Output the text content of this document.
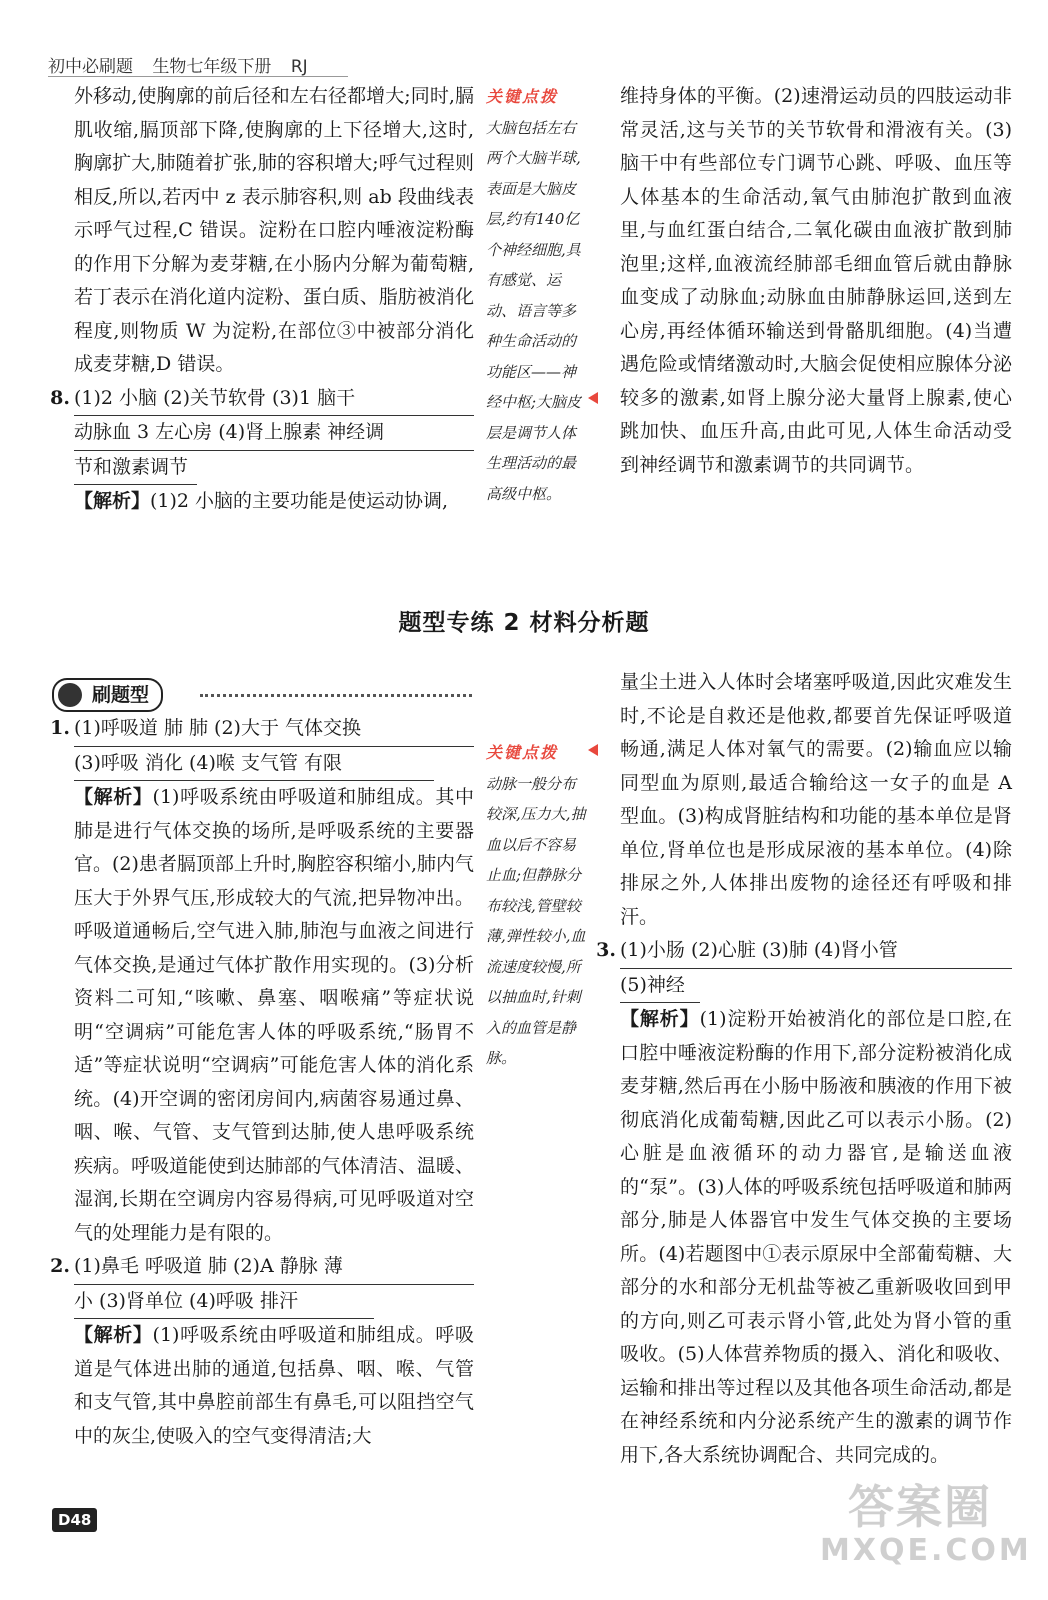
初中必刷题 生物七年级下册 RJ

外移动,使胸廓的前后径和左右径都增大;同时,膈肌收缩,膈顶部下降,使胸廓的上下径增大,这时,胸廓扩大,肺随着扩张,肺的容积增大;呼气过程则相反,所以,若丙中 z 表示肺容积,则 ab 段曲线表示呼气过程,C 错误。淀粉在口腔内唾液淀粉酶的作用下分解为麦芽糖,在小肠内分解为葡萄糖,若丁表示在消化道内淀粉、蛋白质、脂肪被消化程度,则物质 W 为淀粉,在部位③中被部分消化成麦芽糖,D 错误。

8. (1)2 小脑 (2)关节软骨 (3)1 脑干
动脉血 3 左心房 (4)肾上腺素 神经调
节和激素调节

【解析】(1)2 小脑的主要功能是使运动协调,

关键点拨
大脑包括左右两个大脑半球,表面是大脑皮层,约有140亿个神经细胞,具有感觉、运动、语言等多种生命活动的功能区——神经中枢;大脑皮层是调节人体生理活动的最高级中枢。

维持身体的平衡。(2)速滑运动员的四肢运动非常灵活,这与关节的关节软骨和滑液有关。(3)脑干中有些部位专门调节心跳、呼吸、血压等人体基本的生命活动,氧气由肺泡扩散到血液里,与血红蛋白结合,二氧化碳由血液扩散到肺泡里;这样,血液流经肺部毛细血管后就由静脉血变成了动脉血;动脉血由肺静脉运回,送到左心房,再经体循环输送到骨骼肌细胞。(4)当遭遇危险或情绪激动时,大脑会促使相应腺体分泌较多的激素,如肾上腺分泌大量肾上腺素,使心跳加快、血压升高,由此可见,人体生命活动受到神经调节和激素调节的共同调节。

题型专练 2 材料分析题
刷题型

1. (1)呼吸道 肺 肺 (2)大于 气体交换
(3)呼吸 消化 (4)喉 支气管 有限

【解析】(1)呼吸系统由呼吸道和肺组成。其中肺是进行气体交换的场所,是呼吸系统的主要器官。(2)患者膈顶部上升时,胸腔容积缩小,肺内气压大于外界气压,形成较大的气流,把异物冲出。呼吸道通畅后,空气进入肺,肺泡与血液之间进行气体交换,是通过气体扩散作用实现的。(3)分析资料二可知,“咳嗽、鼻塞、咽喉痛”等症状说明“空调病”可能危害人体的呼吸系统,“肠胃不适”等症状说明“空调病”可能危害人体的消化系统。(4)开空调的密闭房间内,病菌容易通过鼻、咽、喉、气管、支气管到达肺,使人患呼吸系统疾病。呼吸道能使到达肺部的气体清洁、温暖、湿润,长期在空调房内容易得病,可见呼吸道对空气的处理能力是有限的。

2. (1)鼻毛 呼吸道 肺 (2)A 静脉 薄
小 (3)肾单位 (4)呼吸 排汗

【解析】(1)呼吸系统由呼吸道和肺组成。呼吸道是气体进出肺的通道,包括鼻、咽、喉、气管和支气管,其中鼻腔前部生有鼻毛,可以阻挡空气中的灰尘,使吸入的空气变得清洁;大

关键点拨
动脉一般分布较深,压力大,抽血以后不容易止血;但静脉分布较浅,管壁较薄,弹性较小,血流速度较慢,所以抽血时,针刺入的血管是静脉。

量尘土进入人体时会堵塞呼吸道,因此灾难发生时,不论是自救还是他救,都要首先保证呼吸道畅通,满足人体对氧气的需要。(2)输血应以输同型血为原则,最适合输给这一女子的血是 A 型血。(3)构成肾脏结构和功能的基本单位是肾单位,肾单位也是形成尿液的基本单位。(4)除排尿之外,人体排出废物的途径还有呼吸和排汗。

3. (1)小肠 (2)心脏 (3)肺 (4)肾小管
(5)神经

【解析】(1)淀粉开始被消化的部位是口腔,在口腔中唾液淀粉酶的作用下,部分淀粉被消化成麦芽糖,然后再在小肠中肠液和胰液的作用下被彻底消化成葡萄糖,因此乙可以表示小肠。(2)心脏是血液循环的动力器官,是输送血液的“泵”。(3)人体的呼吸系统包括呼吸道和肺两部分,肺是人体器官中发生气体交换的主要场所。(4)若题图中①表示原尿中全部葡萄糖、大部分的水和部分无机盐等被乙重新吸收回到甲的方向,则乙可表示肾小管,此处为肾小管的重吸收。(5)人体营养物质的摄入、消化和吸收、运输和排出等过程以及其他各项生命活动,都是在神经系统和内分泌系统产生的激素的调节作用下,各大系统协调配合、共同完成的。

D48	答案圈
MXQE.COM
